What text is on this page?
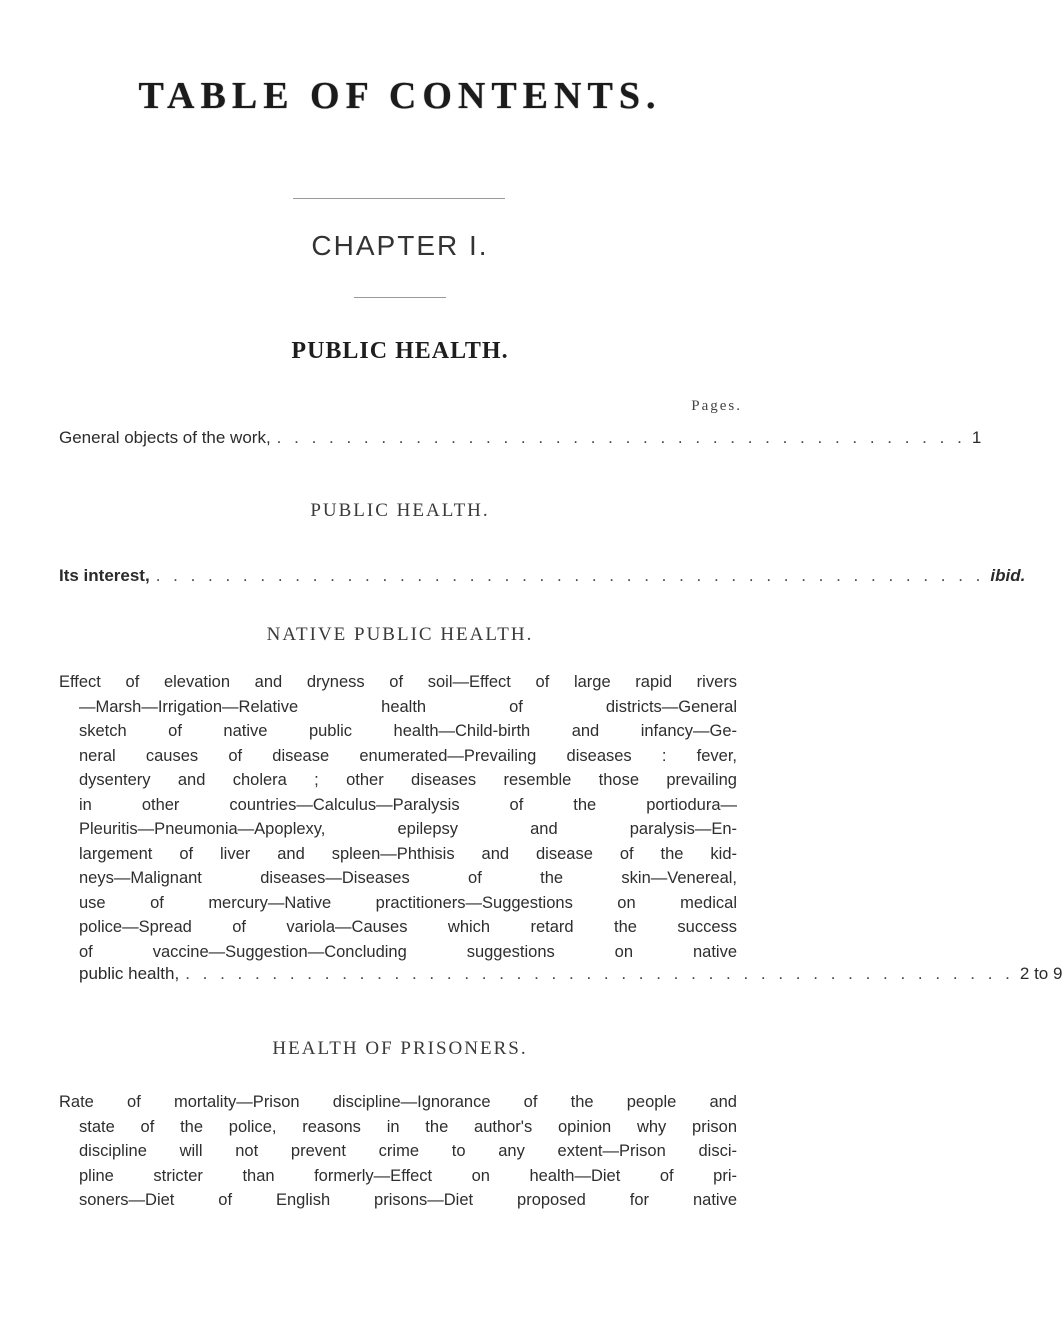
TABLE OF CONTENTS.
CHAPTER I.
PUBLIC HEALTH.
Pages.
General objects of the work, . . . . . . . . . . . . . . . . . . . . . . . . . . . . . . . . . . . . . . . . 1
PUBLIC HEALTH.
Its interest, . . . . . . . . . . . . . . . . . . . . . . . . . . . . . . . . . . . . . . . . . . . . . . . . ibid.
NATIVE PUBLIC HEALTH.
Effect of elevation and dryness of soil—Effect of large rapid rivers
—Marsh—Irrigation—Relative health of districts—General
sketch of native public health—Child-birth and infancy—Ge-
neral causes of disease enumerated—Prevailing diseases : fever,
dysentery and cholera ; other diseases resemble those prevailing
in other countries—Calculus—Paralysis of the portiodura—
Pleuritis—Pneumonia—Apoplexy, epilepsy and paralysis—En-
largement of liver and spleen—Phthisis and disease of the kid-
neys—Malignant diseases—Diseases of the skin—Venereal,
use of mercury—Native practitioners—Suggestions on medical
police—Spread of variola—Causes which retard the success
of vaccine—Suggestion—Concluding suggestions on native
public health, . . . . . . . . . . . . . . . . . . . . . . . . . . . . . . . . . . . . . . . . . . . . . . . . 2 to 9
HEALTH OF PRISONERS.
Rate of mortality—Prison discipline—Ignorance of the people and
state of the police, reasons in the author's opinion why prison
discipline will not prevent crime to any extent—Prison disci-
pline stricter than formerly—Effect on health—Diet of pri-
soners—Diet of English prisons—Diet proposed for native
